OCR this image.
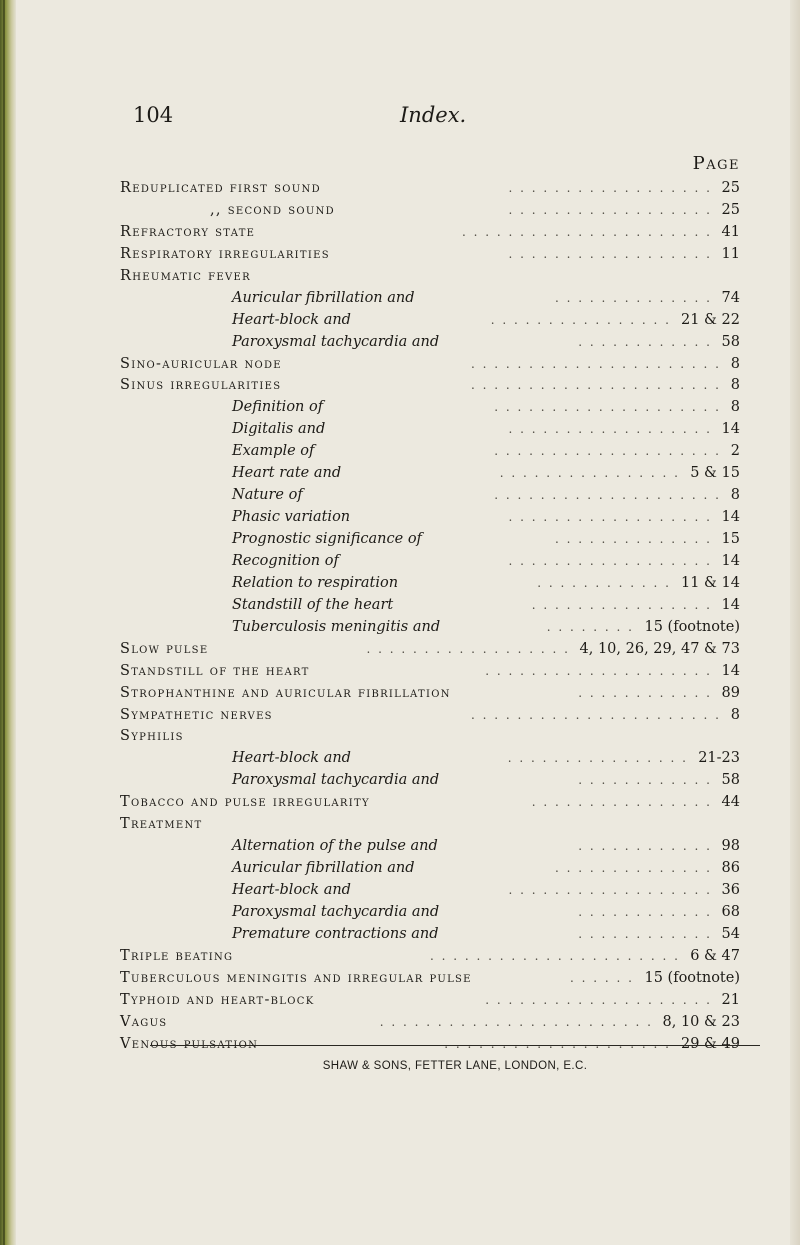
104	Index.
Page
Reduplicated first sound	25
. . . . . . . . . . . . . . . . . .
,, second sound	25
. . . . . . . . . . . . . . . . . .
Refractory state	41
. . . . . . . . . . . . . . . . . . . . . .
Respiratory irregularities	11
. . . . . . . . . . . . . . . . . .
Rheumatic fever
Auricular fibrillation and	74
. . . . . . . . . . . . . .
Heart-block and	21 & 22
. . . . . . . . . . . . . . . .
Paroxysmal tachycardia and	58
. . . . . . . . . . . .
Sino-auricular node	8
. . . . . . . . . . . . . . . . . . . . . .
Sinus irregularities	8
. . . . . . . . . . . . . . . . . . . . . .
Definition of	8
. . . . . . . . . . . . . . . . . . . .
Digitalis and	14
. . . . . . . . . . . . . . . . . .
Example of	2
. . . . . . . . . . . . . . . . . . . .
Heart rate and	5 & 15
. . . . . . . . . . . . . . . .
Nature of	8
. . . . . . . . . . . . . . . . . . . .
Phasic variation	14
. . . . . . . . . . . . . . . . . .
Prognostic significance of	15
. . . . . . . . . . . . . .
Recognition of	14
. . . . . . . . . . . . . . . . . .
Relation to respiration	11 & 14
. . . . . . . . . . . .
Standstill of the heart	14
. . . . . . . . . . . . . . . .
Tuberculosis meningitis and	15 (footnote)
. . . . . . . .
Slow pulse	4, 10, 26, 29, 47 & 73
. . . . . . . . . . . . . . . . . .
Standstill of the heart	14
. . . . . . . . . . . . . . . . . . . .
Strophanthine and auricular fibrillation	89
. . . . . . . . . . . .
Sympathetic nerves	8
. . . . . . . . . . . . . . . . . . . . . .
Syphilis
Heart-block and	21-23
. . . . . . . . . . . . . . . .
Paroxysmal tachycardia and	58
. . . . . . . . . . . .
Tobacco and pulse irregularity	44
. . . . . . . . . . . . . . . .
Treatment
Alternation of the pulse and	98
. . . . . . . . . . . .
Auricular fibrillation and	86
. . . . . . . . . . . . . .
Heart-block and	36
. . . . . . . . . . . . . . . . . .
Paroxysmal tachycardia and	68
. . . . . . . . . . . .
Premature contractions and	54
. . . . . . . . . . . .
Triple beating	6 & 47
. . . . . . . . . . . . . . . . . . . . . .
Tuberculous meningitis and irregular pulse	15 (footnote)
. . . . . .
Typhoid and heart-block	21
. . . . . . . . . . . . . . . . . . . .
Vagus	8, 10 & 23
. . . . . . . . . . . . . . . . . . . . . . . .
Venous pulsation	29 & 49
. . . . . . . . . . . . . . . . . . . .
SHAW & SONS, FETTER LANE, LONDON, E.C.
